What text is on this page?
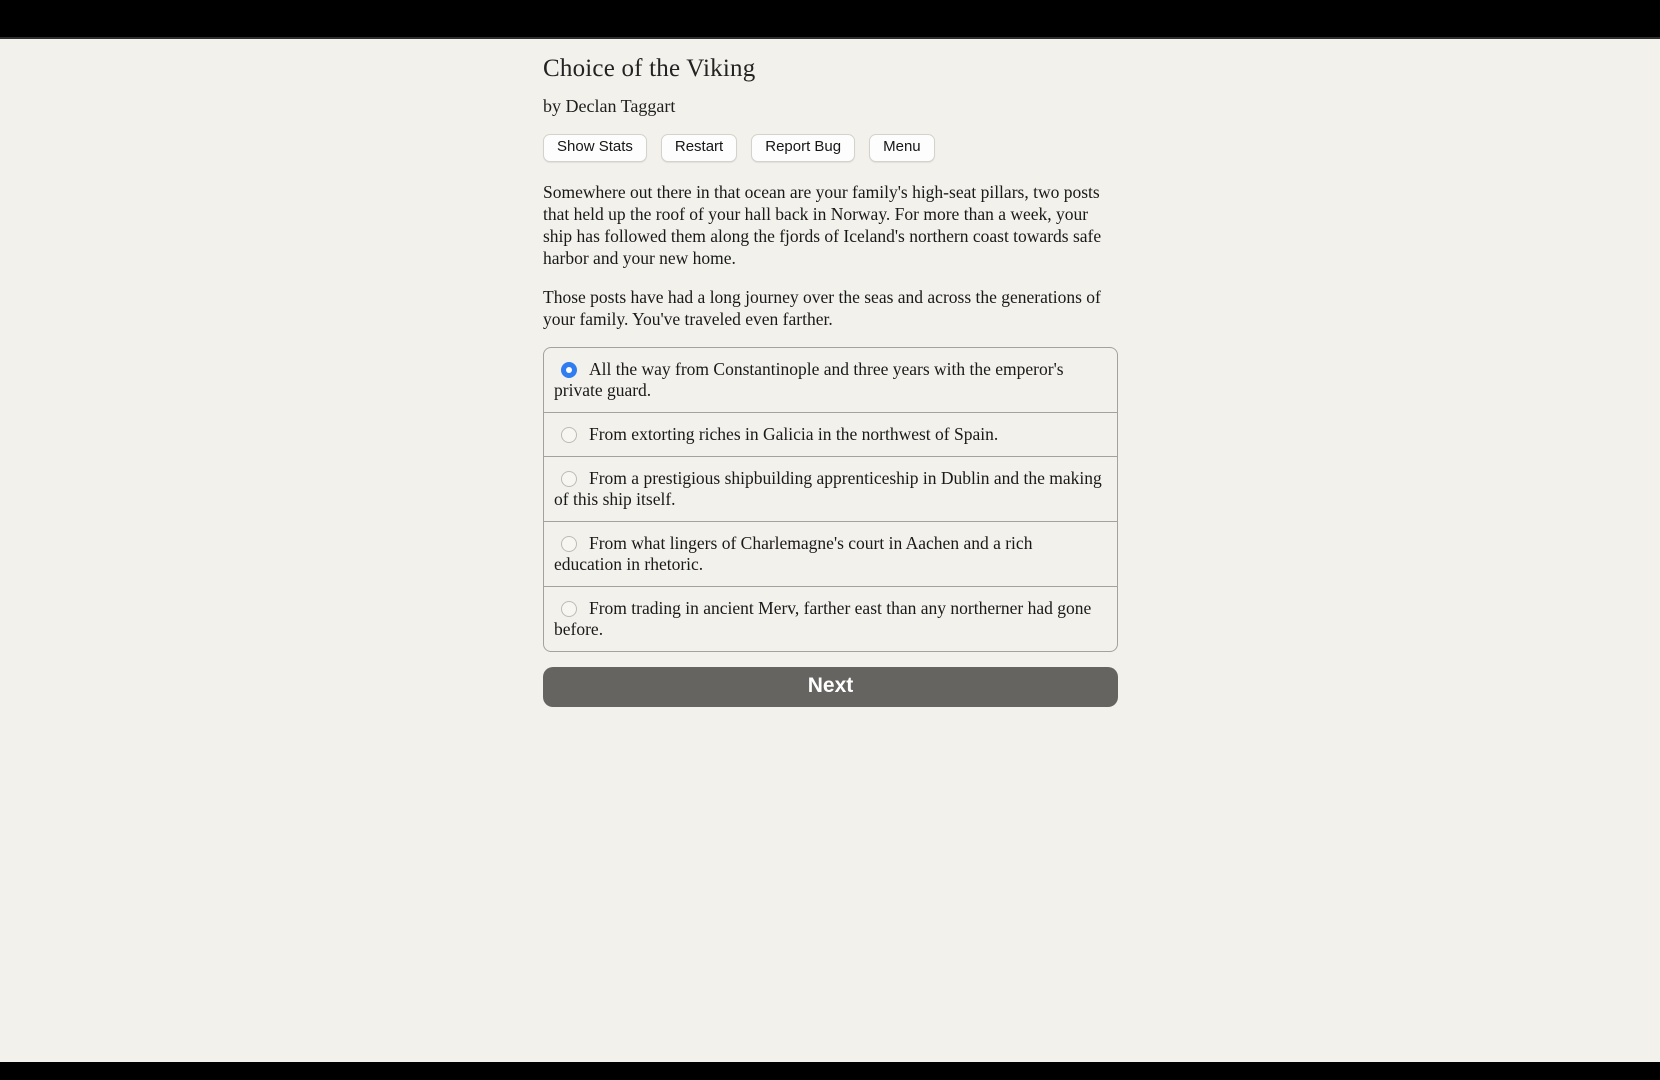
Choice of the Viking
by Declan Taggart
Show Stats	Restart	Report Bug	Menu

Somewhere out there in that ocean are your family's high-seat pillars, two posts that held up the roof of your hall back in Norway. For more than a week, your ship has followed them along the fjords of Iceland's northern coast towards safe harbor and your new home.

Those posts have had a long journey over the seas and across the generations of your family. You've traveled even farther.

All the way from Constantinople and three years with the emperor's private guard.
From extorting riches in Galicia in the northwest of Spain.
From a prestigious shipbuilding apprenticeship in Dublin and the making of this ship itself.
From what lingers of Charlemagne's court in Aachen and a rich education in rhetoric.
From trading in ancient Merv, farther east than any northerner had gone before.
Next
